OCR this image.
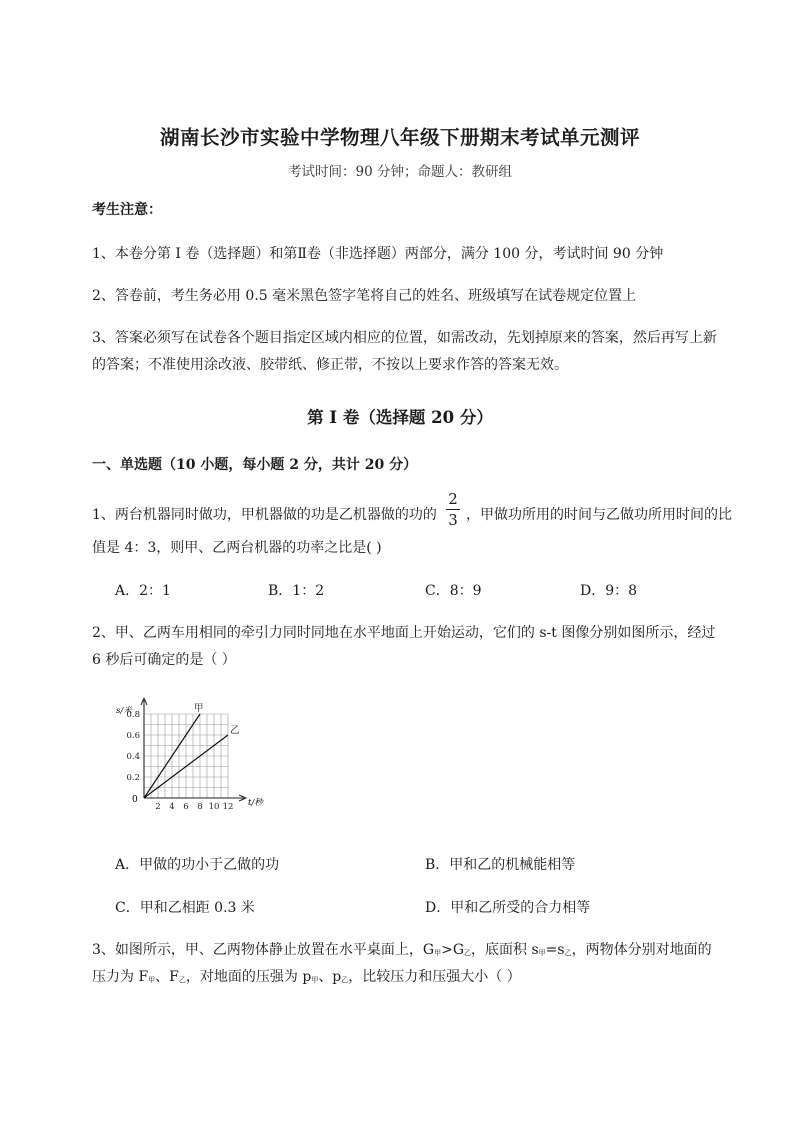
湖南长沙市实验中学物理八年级下册期末考试单元测评
考试时间：90 分钟；命题人：教研组
考生注意：
1、本卷分第 I 卷（选择题）和第Ⅱ卷（非选择题）两部分，满分 100 分，考试时间 90 分钟
2、答卷前，考生务必用 0.5 毫米黑色签字笔将自己的姓名、班级填写在试卷规定位置上
3、答案必须写在试卷各个题目指定区域内相应的位置，如需改动，先划掉原来的答案，然后再写上新
的答案；不准使用涂改液、胶带纸、修正带，不按以上要求作答的答案无效。
第 I 卷（选择题 20 分）
一、单选题（10 小题，每小题 2 分，共计 20 分）
1、两台机器同时做功，甲机器做的功是乙机器做的功的
2
3 ，甲做功所用的时间与乙做功所用时间的比
值是 4：3，则甲、乙两台机器的功率之比是( )
A．2：1	B．1：2	C．8：9	D．9：8
2、甲、乙两车用相同的牵引力同时同地在水平地面上开始运动，它们的 s-t 图像分别如图所示，经过
6 秒后可确定的是（ ）
2 4 6 8 10 12
0.8
0.6
0.4
0.2
甲
乙
s/米
t/秒
0
A．甲做的功小于乙做的功	B．甲和乙的机械能相等
C．甲和乙相距 0.3 米	D．甲和乙所受的合力相等
3、如图所示，甲、乙两物体静止放置在水平桌面上，G甲>G乙，底面积 s甲=s乙，两物体分别对地面的
压力为 F甲、F乙，对地面的压强为 p甲、p乙，比较压力和压强大小（ ）
